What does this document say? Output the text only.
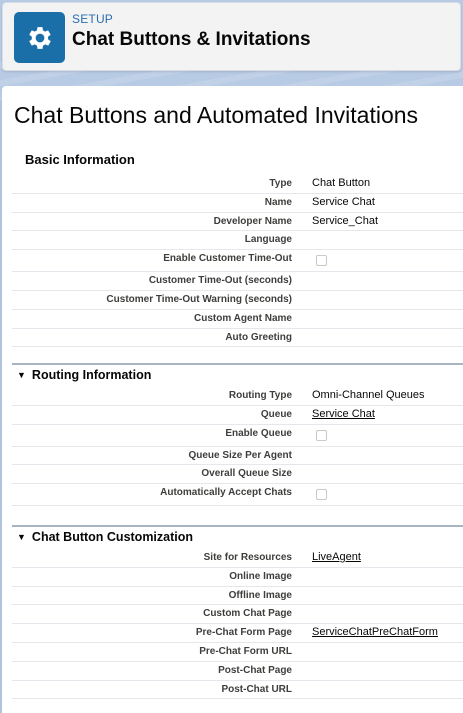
SETUP
Chat Buttons & Invitations
Chat Buttons and Automated Invitations
Basic Information
Type	Chat Button
Name	Service Chat
Developer Name	Service_Chat
Language
Enable Customer Time-Out
Customer Time-Out (seconds)
Customer Time-Out Warning (seconds)
Custom Agent Name
Auto Greeting
▼ Routing Information
Routing Type	Omni-Channel Queues
Queue	Service Chat
Enable Queue
Queue Size Per Agent
Overall Queue Size
Automatically Accept Chats
▼ Chat Button Customization
Site for Resources	LiveAgent
Online Image
Offline Image
Custom Chat Page
Pre-Chat Form Page	ServiceChatPreChatForm
Pre-Chat Form URL
Post-Chat Page
Post-Chat URL
